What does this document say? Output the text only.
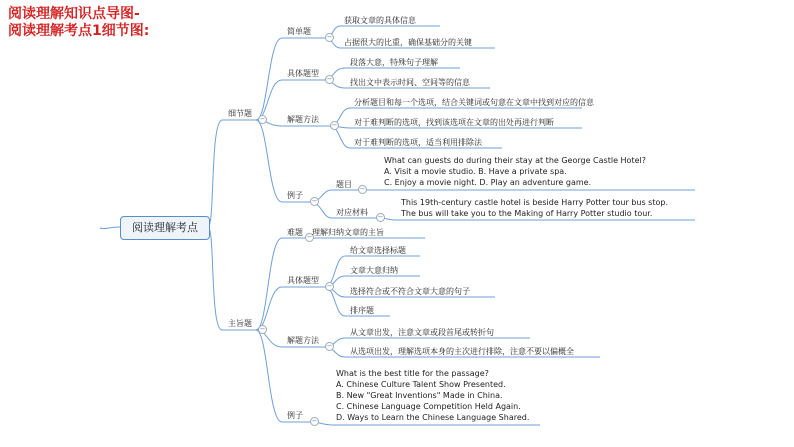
阅读理解知识点导图-
阅读理解考点1细节图:
阅读理解考点
细节题
−
主旨题
−
简单题
−
具体题型
−
解题方法
−
例子
−
获取文章的具体信息
占据很大的比重，确保基础分的关键
段落大意，特殊句子理解
找出文中表示时间、空间等的信息
分析题目和每一个选项，结合关键词或句意在文章中找到对应的信息
对于难判断的选项，找到该选项在文章的出处再进行判断
对于难判断的选项，适当利用排除法
题目 −
What can guests do during their stay at the George Castle Hotel?
A. Visit a movie studio. B. Have a private spa.
C. Enjoy a movie night. D. Play an adventure game.
对应材料 −
This 19th-century castle hotel is beside Harry Potter tour bus stop.
The bus will take you to the Making of Harry Potter studio tour.
难题 − 理解归纳文章的主旨
具体题型
−
给文章选择标题
文章大意归纳
选择符合或不符合文章大意的句子
排序题
解题方法
−
从文章出发，注意文章或段首尾或转折句
从选项出发，理解选项本身的主次进行排除，注意不要以偏概全
例子
−
What is the best title for the passage?
A. Chinese Culture Talent Show Presented.
B. New "Great Inventions" Made in China.
C. Chinese Language Competition Held Again.
D. Ways to Learn the Chinese Language Shared.
